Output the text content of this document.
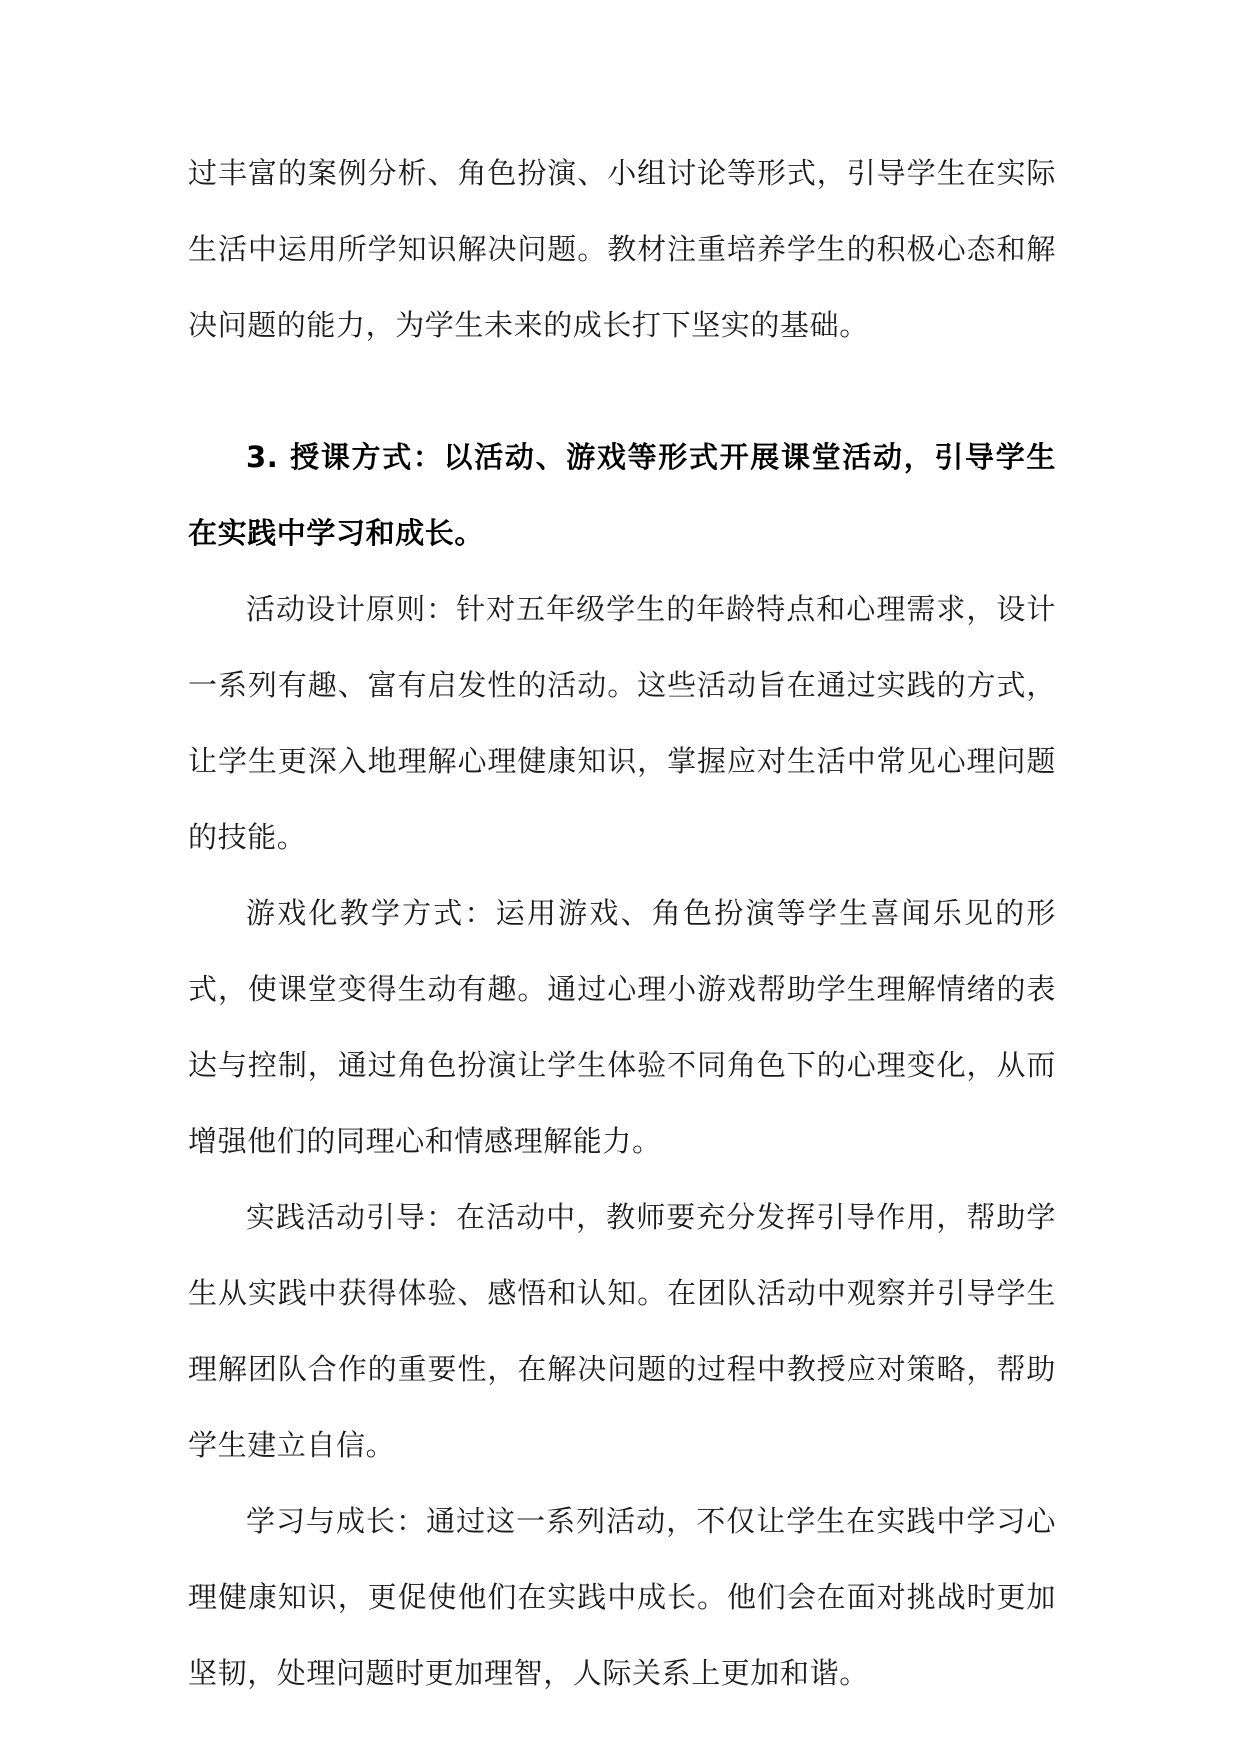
过丰富的案例分析、角色扮演、小组讨论等形式，引导学生在实际生活中运用所学知识解决问题。教材注重培养学生的积极心态和解决问题的能力，为学生未来的成长打下坚实的基础。

3. 授课方式：以活动、游戏等形式开展课堂活动，引导学生在实践中学习和成长。

活动设计原则：针对五年级学生的年龄特点和心理需求，设计一系列有趣、富有启发性的活动。这些活动旨在通过实践的方式，让学生更深入地理解心理健康知识，掌握应对生活中常见心理问题的技能。

游戏化教学方式：运用游戏、角色扮演等学生喜闻乐见的形式，使课堂变得生动有趣。通过心理小游戏帮助学生理解情绪的表达与控制，通过角色扮演让学生体验不同角色下的心理变化，从而增强他们的同理心和情感理解能力。

实践活动引导：在活动中，教师要充分发挥引导作用，帮助学生从实践中获得体验、感悟和认知。在团队活动中观察并引导学生理解团队合作的重要性，在解决问题的过程中教授应对策略，帮助学生建立自信。

学习与成长：通过这一系列活动，不仅让学生在实践中学习心理健康知识，更促使他们在实践中成长。他们会在面对挑战时更加坚韧，处理问题时更加理智，人际关系上更加和谐。
